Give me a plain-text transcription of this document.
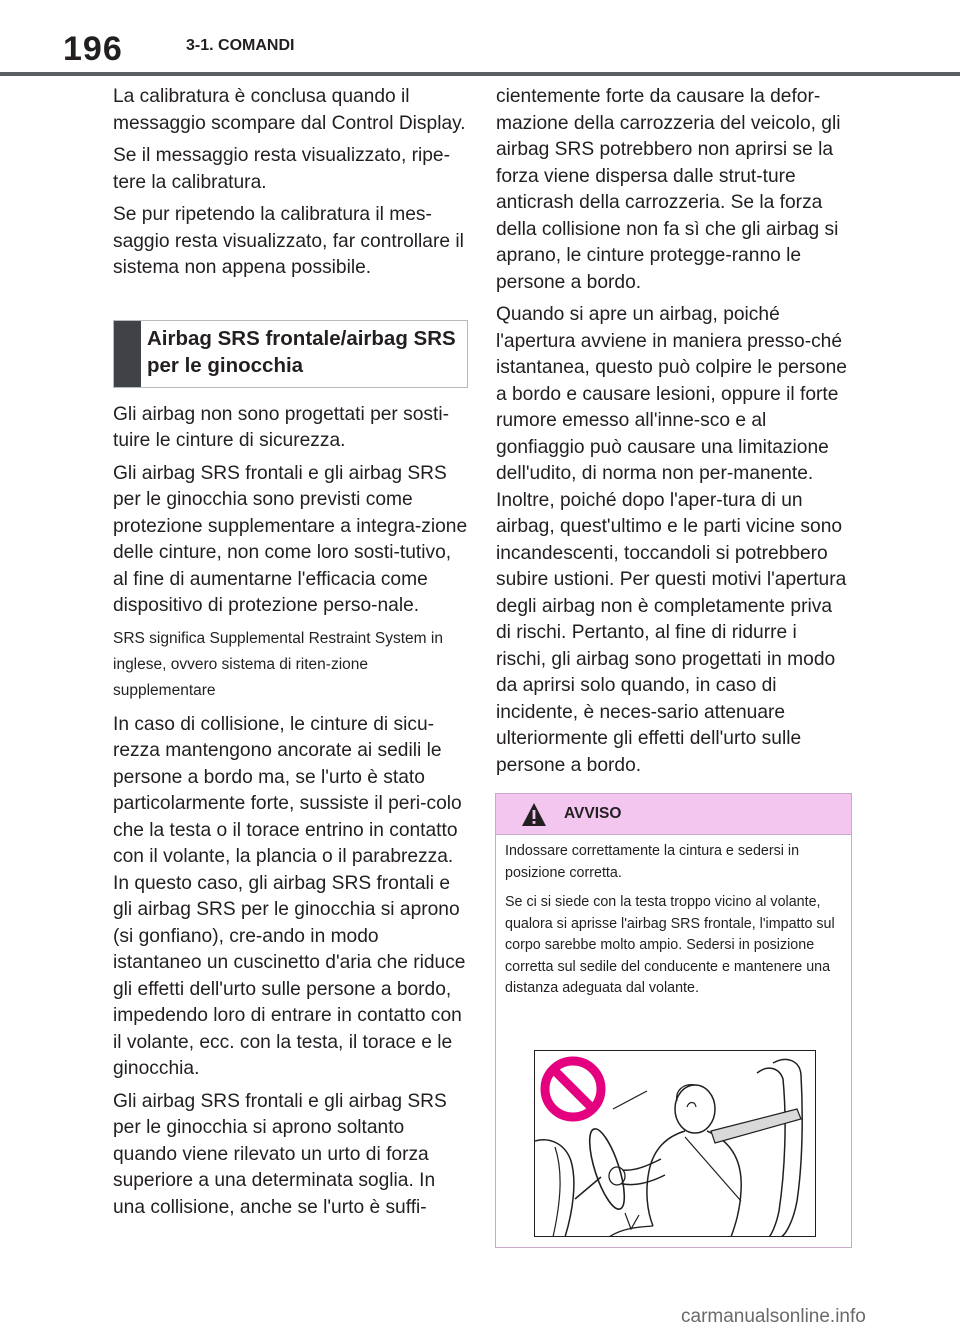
196	3-1. COMANDI

La calibratura è conclusa quando il messaggio scompare dal Control Display.

Se il messaggio resta visualizzato, ripe-tere la calibratura.

Se pur ripetendo la calibratura il mes-saggio resta visualizzato, far controllare il sistema non appena possibile.

Airbag SRS frontale/airbag SRS per le ginocchia

Gli airbag non sono progettati per sosti-tuire le cinture di sicurezza.

Gli airbag SRS frontali e gli airbag SRS per le ginocchia sono previsti come protezione supplementare a integra-zione delle cinture, non come loro sosti-tutivo, al fine di aumentarne l'efficacia come dispositivo di protezione perso-nale.

SRS significa Supplemental Restraint System in inglese, ovvero sistema di riten-zione supplementare

In caso di collisione, le cinture di sicu-rezza mantengono ancorate ai sedili le persone a bordo ma, se l'urto è stato particolarmente forte, sussiste il peri-colo che la testa o il torace entrino in contatto con il volante, la plancia o il parabrezza. In questo caso, gli airbag SRS frontali e gli airbag SRS per le ginocchia si aprono (si gonfiano), cre-ando in modo istantaneo un cuscinetto d'aria che riduce gli effetti dell'urto sulle persone a bordo, impedendo loro di entrare in contatto con il volante, ecc. con la testa, il torace e le ginocchia.

Gli airbag SRS frontali e gli airbag SRS per le ginocchia si aprono soltanto quando viene rilevato un urto di forza superiore a una determinata soglia. In una collisione, anche se l'urto è suffi-

cientemente forte da causare la defor-mazione della carrozzeria del veicolo, gli airbag SRS potrebbero non aprirsi se la forza viene dispersa dalle strut-ture anticrash della carrozzeria. Se la forza della collisione non fa sì che gli airbag si aprano, le cinture protegge-ranno le persone a bordo.

Quando si apre un airbag, poiché l'apertura avviene in maniera presso-ché istantanea, questo può colpire le persone a bordo e causare lesioni, oppure il forte rumore emesso all'inne-sco e al gonfiaggio può causare una limitazione dell'udito, di norma non per-manente. Inoltre, poiché dopo l'aper-tura di un airbag, quest'ultimo e le parti vicine sono incandescenti, toccandoli si potrebbero subire ustioni. Per questi motivi l'apertura degli airbag non è completamente priva di rischi. Pertanto, al fine di ridurre i rischi, gli airbag sono progettati in modo da aprirsi solo quando, in caso di incidente, è neces-sario attenuare ulteriormente gli effetti dell'urto sulle persone a bordo.

AVVISO

Indossare correttamente la cintura e sedersi in posizione corretta.

Se ci si siede con la testa troppo vicino al volante, qualora si aprisse l'airbag SRS frontale, l'impatto sul corpo sarebbe molto ampio. Sedersi in posizione corretta sul sedile del conducente e mantenere una distanza adeguata dal volante.

carmanualsonline.info
